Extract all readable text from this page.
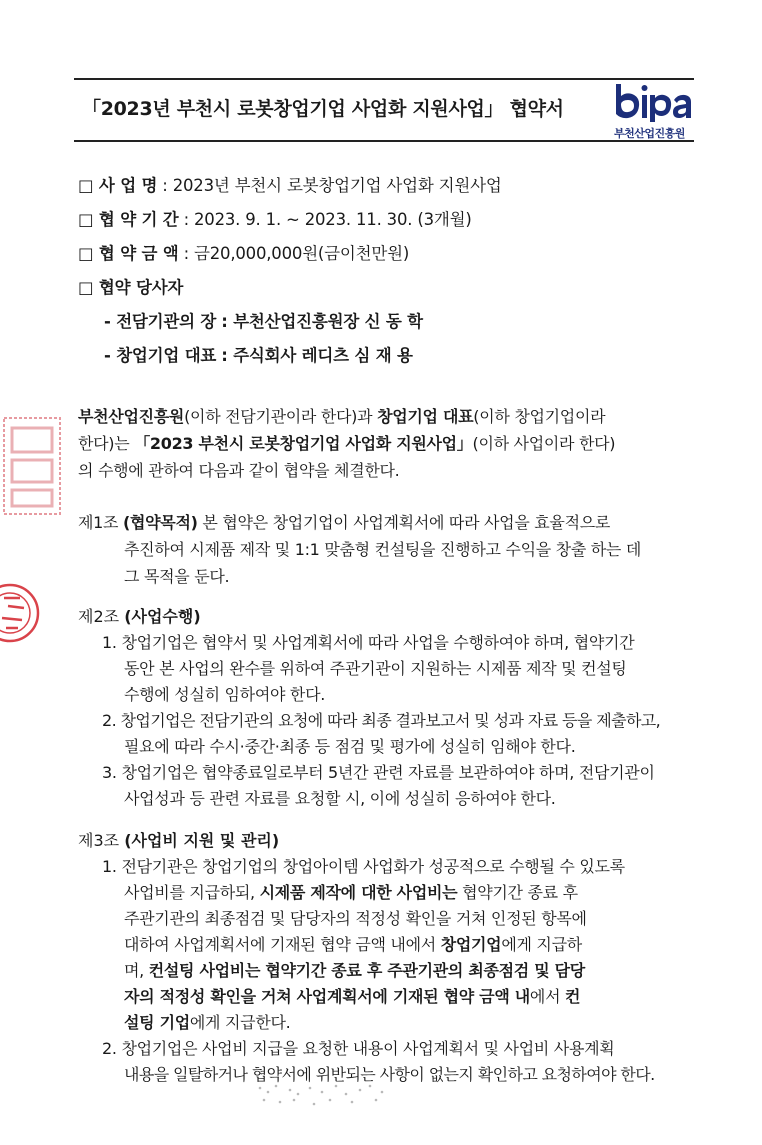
「2023년 부천시 로봇창업기업 사업화 지원사업」 협약서
부천산업진흥원
□ 사 업 명 : 2023년 부천시 로봇창업기업 사업화 지원사업
□ 협 약 기 간 : 2023. 9. 1. ~ 2023. 11. 30. (3개월)
□ 협 약 금 액 : 금20,000,000원(금이천만원)
□ 협약 당사자
- 전담기관의 장 : 부천산업진흥원장 신 동 학
- 창업기업 대표 : 주식회사 레디츠 심 재 용
부천산업진흥원(이하 전담기관이라 한다)과 창업기업 대표(이하 창업기업이라
한다)는 「2023 부천시 로봇창업기업 사업화 지원사업」(이하 사업이라 한다)
의 수행에 관하여 다음과 같이 협약을 체결한다.
제1조 (협약목적) 본 협약은 창업기업이 사업계획서에 따라 사업을 효율적으로
추진하여 시제품 제작 및 1:1 맞춤형 컨설팅을 진행하고 수익을 창출 하는 데
그 목적을 둔다.
제2조 (사업수행)
1. 창업기업은 협약서 및 사업계획서에 따라 사업을 수행하여야 하며, 협약기간
동안 본 사업의 완수를 위하여 주관기관이 지원하는 시제품 제작 및 컨설팅
수행에 성실히 임하여야 한다.
2. 창업기업은 전담기관의 요청에 따라 최종 결과보고서 및 성과 자료 등을 제출하고,
필요에 따라 수시·중간·최종 등 점검 및 평가에 성실히 임해야 한다.
3. 창업기업은 협약종료일로부터 5년간 관련 자료를 보관하여야 하며, 전담기관이
사업성과 등 관련 자료를 요청할 시, 이에 성실히 응하여야 한다.
제3조 (사업비 지원 및 관리)
1. 전담기관은 창업기업의 창업아이템 사업화가 성공적으로 수행될 수 있도록
사업비를 지급하되, 시제품 제작에 대한 사업비는 협약기간 종료 후
주관기관의 최종점검 및 담당자의 적정성 확인을 거쳐 인정된 항목에
대하여 사업계획서에 기재된 협약 금액 내에서 창업기업에게 지급하
며, 컨설팅 사업비는 협약기간 종료 후 주관기관의 최종점검 및 담당
자의 적정성 확인을 거쳐 사업계획서에 기재된 협약 금액 내에서 컨
설팅 기업에게 지급한다.
2. 창업기업은 사업비 지급을 요청한 내용이 사업계획서 및 사업비 사용계획
내용을 일탈하거나 협약서에 위반되는 사항이 없는지 확인하고 요청하여야 한다.
